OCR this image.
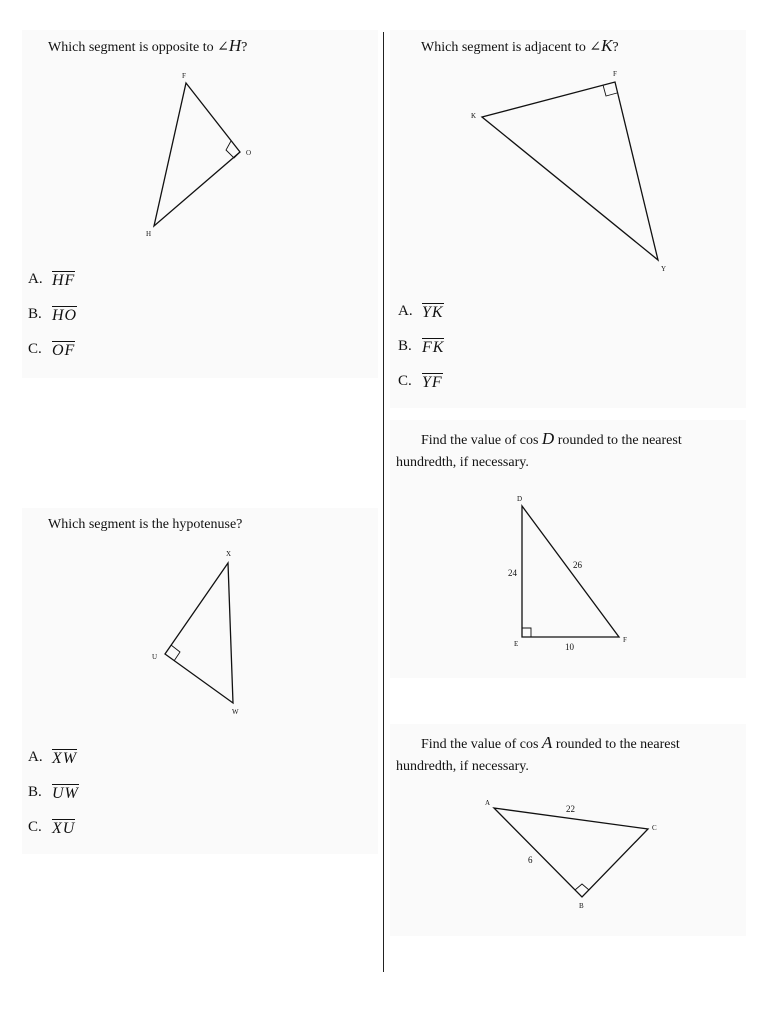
Which segment is opposite to ∠H?
F
O
H
A. HF
B. HO
C. OF
Which segment is adjacent to ∠K?
K
F
Y
A. YK
B. FK
C. YF
Which segment is the hypotenuse?
X
U
W
A. XW
B. UW
C. XU
Find the value of cos D rounded to the nearest
hundredth, if necessary.
D
E	F
24
26
10
Find the value of cos A rounded to the nearest
hundredth, if necessary.
A
C
B
22
6
